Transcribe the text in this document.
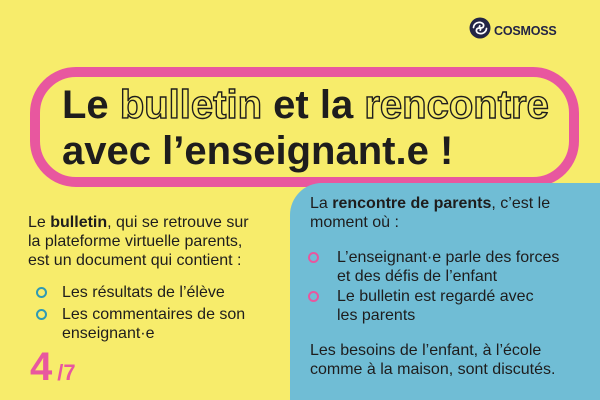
COSMOSS
Le bulletin et la rencontre
avec l’enseignant.e !

Le bulletin, qui se retrouve sur
la plateforme virtuelle parents,
est un document qui contient :

Les résultats de l’élève
Les commentaires de son
enseignant·e

La rencontre de parents, c’est le
moment où :

L’enseignant·e parle des forces
et des défis de l’enfant
Le bulletin est regardé avec
les parents

Les besoins de l’enfant, à l’école
comme à la maison, sont discutés.

4 /7
